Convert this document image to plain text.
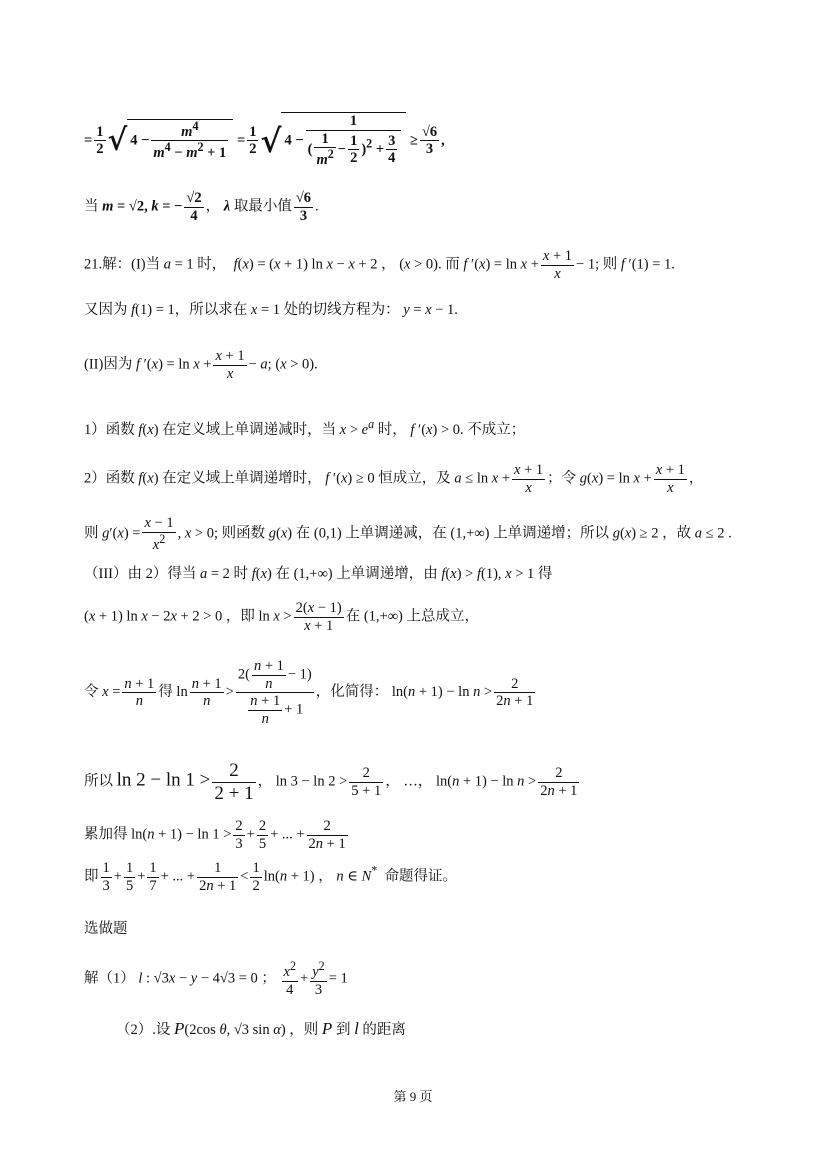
= $\frac{1}{2}$ √ $4 - \frac{m^4}{m^4 - m^2 + 1} = \frac{1}{2}$ √ $4 - \frac{1}{( \frac{1}{m^2} - \frac{1}{2} )^2 + \frac{3}{4}} \ge \frac{√6}{3}$ ,
当 m = √2, k = − $\frac{√2}{4}$ ， λ 取最小值 $\frac{√6}{3}$ .
21.解：(I)当 a = 1 时，  f(x) = (x + 1) ln x − x + 2 ， (x > 0). 而 f $'(x) = \ln x + \frac{x + 1}{x} - 1$; 则 f ′(1) = 1.
又因为 f(1) = 1，所以求在 x = 1 处的切线方程为： y = x − 1.
(II)因为 f $'(x) = \ln x + \frac{x + 1}{x} - a$; (x > 0).
1）函数 f(x) 在定义域上单调递减时，当 $x > e^a$ 时， f ′(x) > 0. 不成立；
2）函数 f(x) 在定义域上单调递增时， f ′(x) ≥ 0 恒成立，及 $a \le \ln x + \frac{x + 1}{x}$ ；令 $g(x) = \ln x + \frac{x + 1}{x}$ ，
则 $g'(x) = \frac{x - 1}{x^2}$ , x > 0; 则函数 g(x) 在 (0,1) 上单调递减，在 (1,+∞) 上单调递增；所以 g(x) ≥ 2 ，故 a ≤ 2 .
（III）由 2）得当 a = 2 时 f(x) 在 (1,+∞) 上单调递增，由 f(x) > f(1), x > 1 得
(x + 1) ln x − 2x + 2 > 0 ，即 $\ln x > \frac{2(x - 1)}{x + 1}$ 在 (1,+∞) 上总成立，
令 $x = \frac{n + 1}{n}$ 得 $\ln \frac{n + 1}{n} > \frac{2( \frac{n + 1}{n} - 1)}{\frac{n + 1}{n} + 1}$ ，化简得： $\ln(n + 1) - \ln n > \frac{2}{2n + 1}$
所以 $\ln 2 - \ln 1 > \frac{2}{2 + 1}$ ， $\ln 3 - \ln 2 > \frac{2}{5 + 1}$ ， …， $\ln(n + 1) - \ln n > \frac{2}{2n + 1}$
累加得 $\ln(n + 1) - \ln 1 > \frac{2}{3} + \frac{2}{5}$ + ... + $\frac{2}{2n + 1}$
即 $\frac{1}{3} + \frac{1}{5} + \frac{1}{7}$ + ... + $\frac{1}{2n + 1} < \frac{1}{2} \ln(n + 1)$ ， n ∈ N*  命题得证。
选做题
解（1） l : √3x − y − 4√3 = 0 ； $\frac{x^2}{4} + \frac{y^2}{3} = 1$
（2）.设 P(2cos θ, √3 sin α) ，则 P 到 l 的距离
第 9 页
